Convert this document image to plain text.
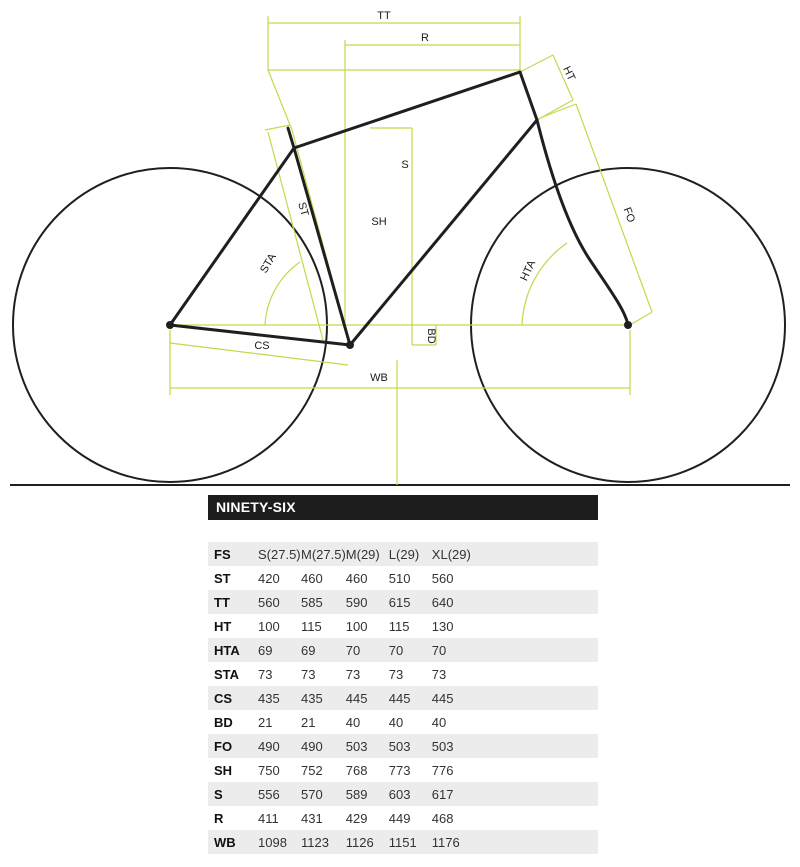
TT
R
HT
S
ST
SH
STA	HTA
FO
BD
CS
WB
NINETY-SIX
FS	S(27.5)	M(27.5)	M(29)	L(29)	XL(29)	
ST	420	460	460	510	560	
TT	560	585	590	615	640	
HT	100	115	100	115	130	
HTA	69	69	70	70	70	
STA	73	73	73	73	73	
CS	435	435	445	445	445	
BD	21	21	40	40	40	
FO	490	490	503	503	503	
SH	750	752	768	773	776	
S	556	570	589	603	617	
R	411	431	429	449	468	
WB	1098	1123	1126	1151	1176	
